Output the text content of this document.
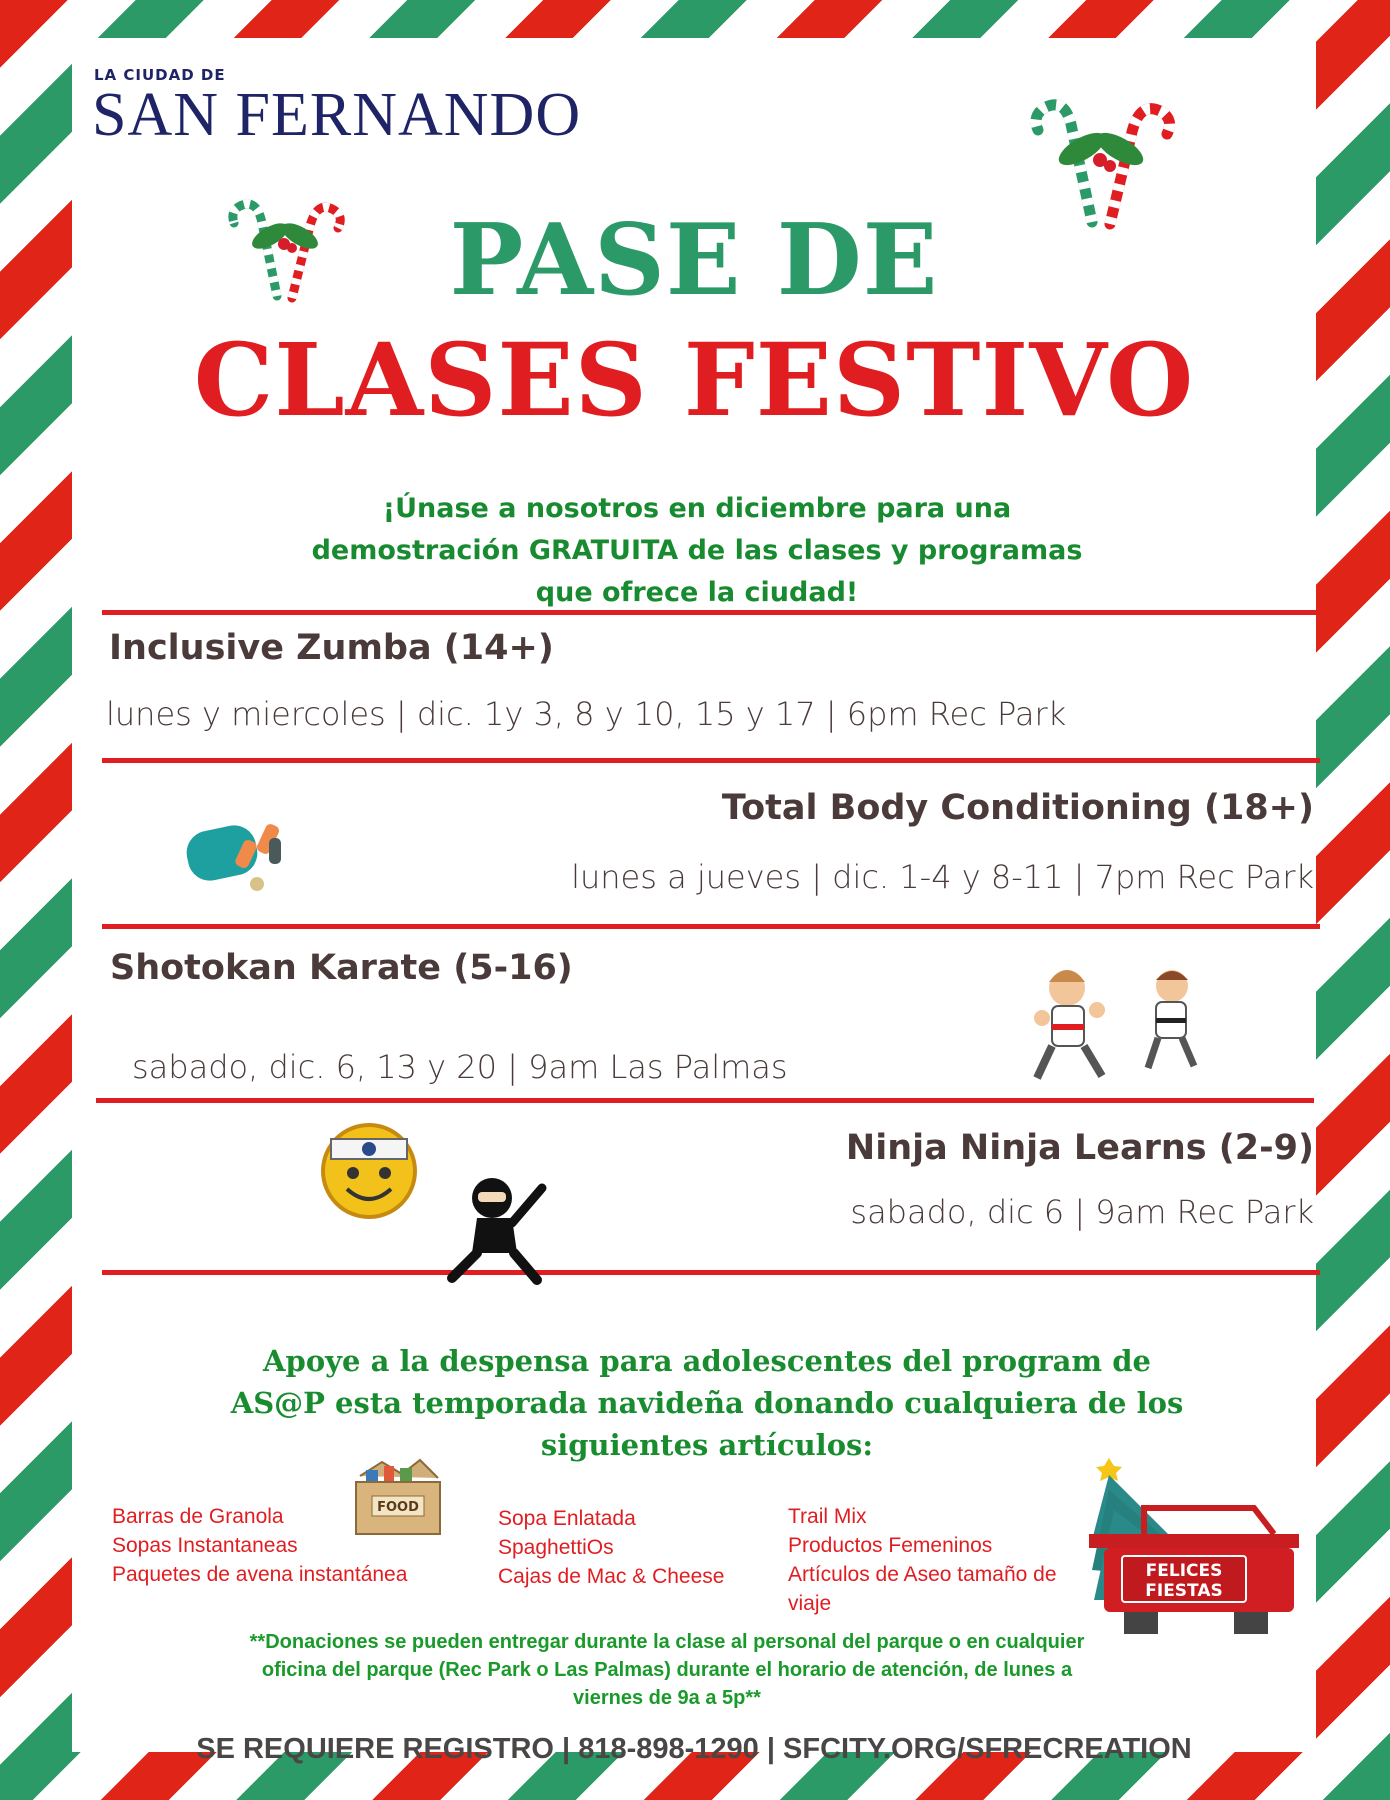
LA CIUDAD DE
SAN FERNANDO
PASE DE
CLASES FESTIVO
¡Únase a nosotros en diciembre para una
demostración GRATUITA de las clases y programas
que ofrece la ciudad!
Inclusive Zumba (14+)
lunes y miercoles | dic. 1y 3, 8 y 10, 15 y 17 | 6pm Rec Park
Total Body Conditioning (18+)
lunes a jueves | dic. 1-4 y 8-11 | 7pm Rec Park
Shotokan Karate (5-16)
sabado, dic. 6, 13 y 20 | 9am Las Palmas
Ninja Ninja Learns (2-9)
sabado, dic 6 | 9am Rec Park
Apoye a la despensa para adolescentes del program de
AS@P esta temporada navideña donando cualquiera de los
siguientes artículos:
FOOD
Barras de Granola
Sopas Instantaneas
Paquetes de avena instantánea
Sopa Enlatada
SpaghettiOs
Cajas de Mac & Cheese
Trail Mix
Productos Femeninos
Artículos de Aseo tamaño de
viaje
FELICES
FIESTAS
**Donaciones se pueden entregar durante la clase al personal del parque o en cualquier
oficina del parque (Rec Park o Las Palmas) durante el horario de atención, de lunes a
viernes de 9a a 5p**
SE REQUIERE REGISTRO | 818-898-1290 | SFCITY.ORG/SFRECREATION
